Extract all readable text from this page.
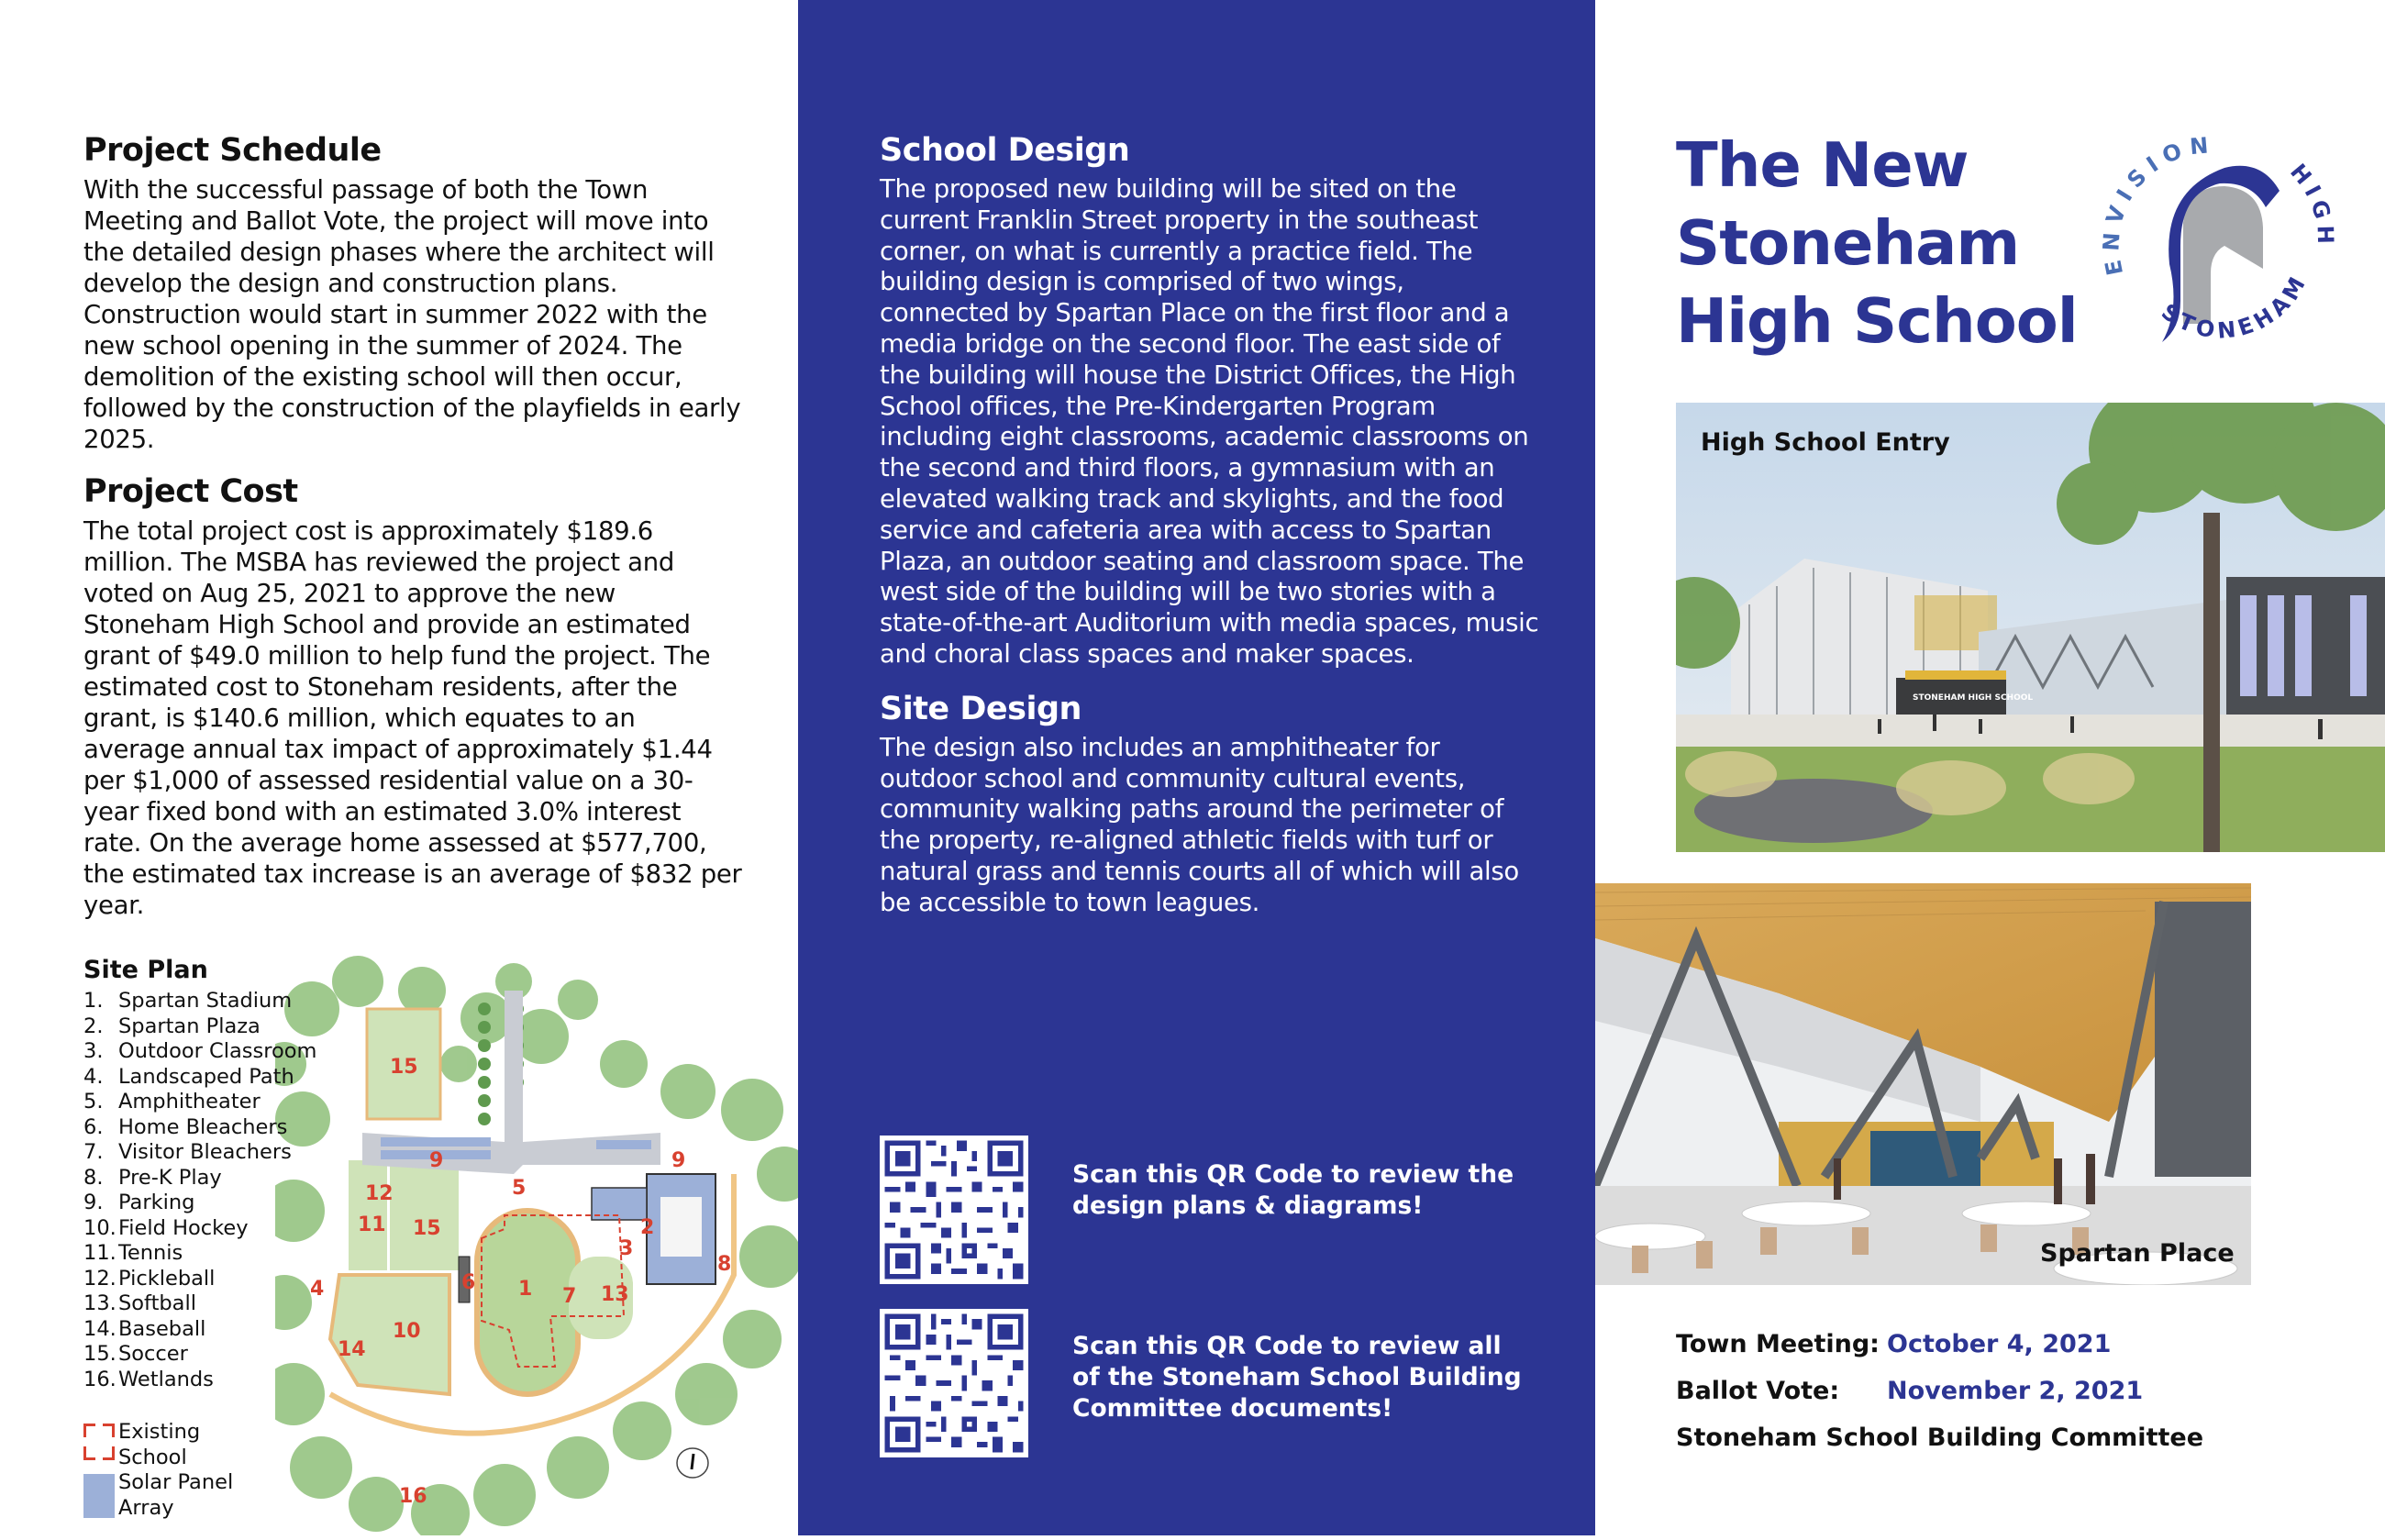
Project Schedule

With the successful passage of both the Town Meeting and Ballot Vote, the project will move into the detailed design phases where the architect will develop the design and construction plans. Construction would start in summer 2022 with the new school opening in the summer of 2024. The demolition of the existing school will then occur, followed by the construction of the playfields in early 2025.

Project Cost

The total project cost is approximately $189.6 million. The MSBA has reviewed the project and voted on Aug 25, 2021 to approve the new Stoneham High School and provide an estimated grant of $49.0 million to help fund the project. The estimated cost to Stoneham residents, after the grant, is $140.6 million, which equates to an average annual tax impact of approximately $1.44 per $1,000 of assessed residential value on a 30-year fixed bond with an estimated 3.0% interest rate. On the average home assessed at $577,700, the estimated tax increase is an average of $832 per year.

15
9	9
12
11 15
5
2
3
8
1 7 13
6
4
10
14
16
Site Plan
1. Spartan Stadium
2. Spartan Plaza
3. Outdoor Classroom
4. Landscaped Path
5. Amphitheater
6. Home Bleachers
7. Visitor Bleachers
8. Pre-K Play
9. Parking
10.Field Hockey
11.Tennis
12.Pickleball
13.Softball
14.Baseball
15.Soccer
16.Wetlands
Existing
School
Solar Panel
Array
School Design

The proposed new building will be sited on the current Franklin Street property in the southeast corner, on what is currently a practice field. The building design is comprised of two wings, connected by Spartan Place on the first floor and a media bridge on the second floor. The east side of the building will house the District Offices, the High School offices, the Pre-Kindergarten Program including eight classrooms, academic classrooms on the second and third floors, a gymnasium with an elevated walking track and skylights, and the food service and cafeteria area with access to Spartan Plaza, an outdoor seating and classroom space. The west side of the building will be two stories with a state-of-the-art Auditorium with media spaces, music and choral class spaces and maker spaces.

Site Design

The design also includes an amphitheater for outdoor school and community cultural events, community walking paths around the perimeter of the property, re-aligned athletic fields with turf or natural grass and tennis courts all of which will also be accessible to town leagues.

Scan this QR Code to review the design plans & diagrams!
Scan this QR Code to review all of the Stoneham School Building Committee documents!
The New
Stoneham
High School
ENVISION
HIGH
STONEHAM
STONEHAM HIGH SCHOOL
High School Entry
Spartan Place
Town Meeting: October 4, 2021
Ballot Vote:	November 2, 2021
Stoneham School Building Committee
